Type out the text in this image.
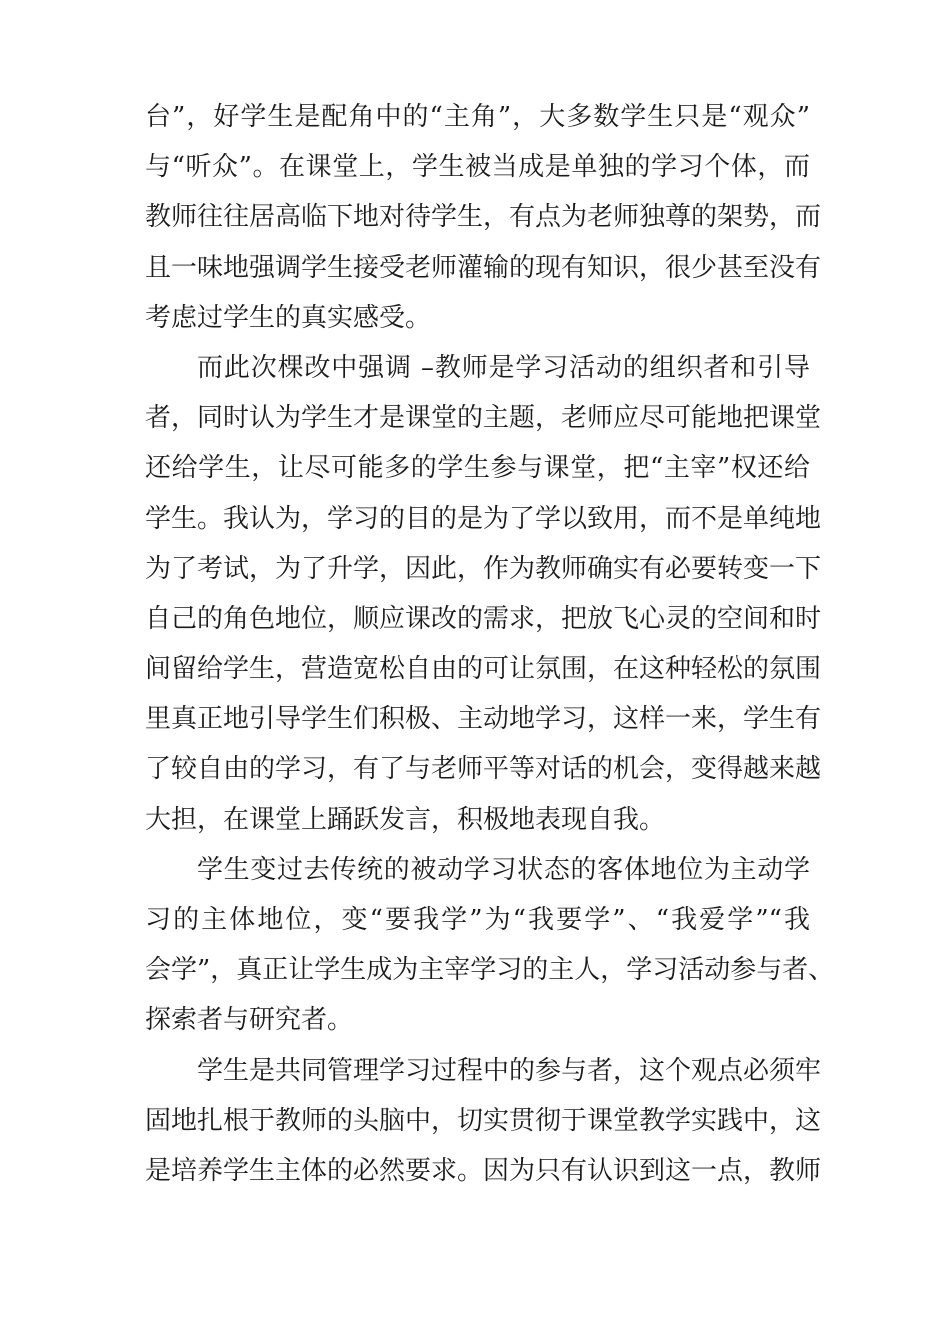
台”，好学生是配角中的“主角”，大多数学生只是“观众”
与“听众”。在课堂上，学生被当成是单独的学习个体，而
教师往往居高临下地对待学生，有点为老师独尊的架势，而
且一味地强调学生接受老师灌输的现有知识，很少甚至没有
考虑过学生的真实感受。
而此次棵改中强调 –教师是学习活动的组织者和引导
者，同时认为学生才是课堂的主题，老师应尽可能地把课堂
还给学生，让尽可能多的学生参与课堂，把“主宰”权还给
学生。我认为，学习的目的是为了学以致用，而不是单纯地
为了考试，为了升学，因此，作为教师确实有必要转变一下
自己的角色地位，顺应课改的需求，把放飞心灵的空间和时
间留给学生，营造宽松自由的可让氛围，在这种轻松的氛围
里真正地引导学生们积极、主动地学习，这样一来，学生有
了较自由的学习，有了与老师平等对话的机会，变得越来越
大担，在课堂上踊跃发言，积极地表现自我。
学生变过去传统的被动学习状态的客体地位为主动学
习的主体地位，变“要我学”为“我要学”、“我爱学”“我
会学”，真正让学生成为主宰学习的主人，学习活动参与者、
探索者与研究者。
学生是共同管理学习过程中的参与者，这个观点必须牢
固地扎根于教师的头脑中，切实贯彻于课堂教学实践中，这
是培养学生主体的必然要求。因为只有认识到这一点，教师
